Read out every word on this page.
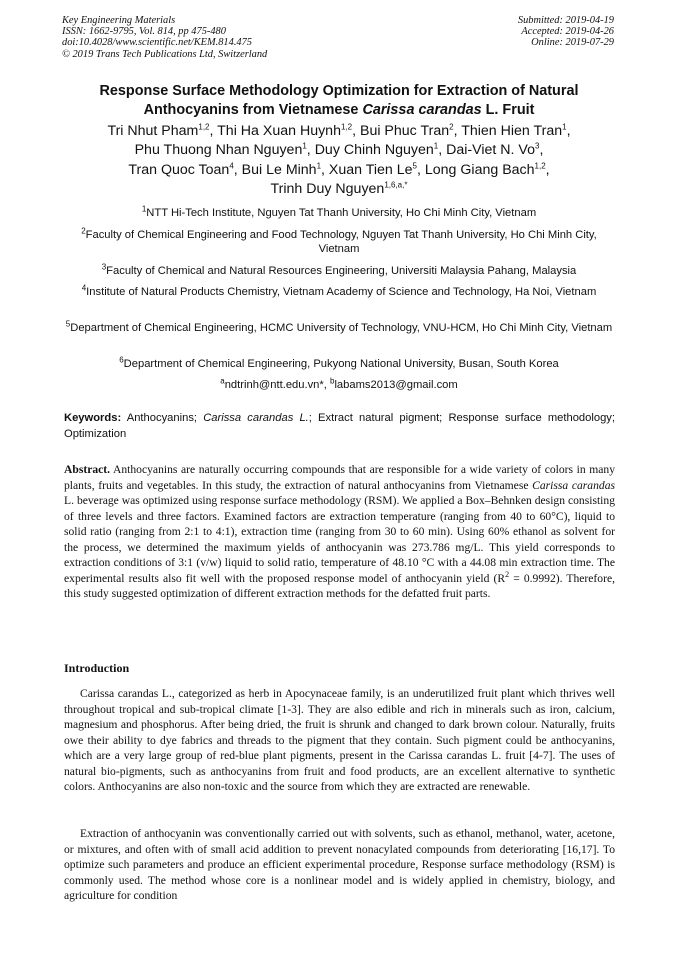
Key Engineering Materials
ISSN: 1662-9795, Vol. 814, pp 475-480
doi:10.4028/www.scientific.net/KEM.814.475
© 2019 Trans Tech Publications Ltd, Switzerland
Submitted: 2019-04-19
Accepted: 2019-04-26
Online: 2019-07-29
Response Surface Methodology Optimization for Extraction of Natural
Anthocyanins from Vietnamese Carissa carandas L. Fruit
Tri Nhut Pham$^{1,2}$, Thi Ha Xuan Huynh$^{1,2}$, Bui Phuc Tran$^2$, Thien Hien Tran$^1$,
Phu Thuong Nhan Nguyen$^1$, Duy Chinh Nguyen$^1$, Dai-Viet N. Vo$^3$,
Tran Quoc Toan$^4$, Bui Le Minh$^1$, Xuan Tien Le$^5$, Long Giang Bach$^{1,2}$,
Trinh Duy Nguyen$^{1,6,a,*}$
$^1$NTT Hi-Tech Institute, Nguyen Tat Thanh University, Ho Chi Minh City, Vietnam
$^2$Faculty of Chemical Engineering and Food Technology, Nguyen Tat Thanh University, Ho Chi Minh City, Vietnam
$^3$Faculty of Chemical and Natural Resources Engineering, Universiti Malaysia Pahang, Malaysia
$^4$Institute of Natural Products Chemistry, Vietnam Academy of Science and Technology, Ha Noi, Vietnam
$^5$Department of Chemical Engineering, HCMC University of Technology, VNU-HCM, Ho Chi Minh City, Vietnam
$^6$Department of Chemical Engineering, Pukyong National University, Busan, South Korea
$^a$ndtrinh@ntt.edu.vn*, $^b$labams2013@gmail.com
Keywords: Anthocyanins; Carissa carandas L.; Extract natural pigment; Response surface methodology; Optimization
Abstract. Anthocyanins are naturally occurring compounds that are responsible for a wide variety of colors in many plants, fruits and vegetables. In this study, the extraction of natural anthocyanins from Vietnamese Carissa carandas L. beverage was optimized using response surface methodology (RSM). We applied a Box–Behnken design consisting of three levels and three factors. Examined factors are extraction temperature (ranging from 40 to 60°C), liquid to solid ratio (ranging from 2:1 to 4:1), extraction time (ranging from 30 to 60 min). Using 60% ethanol as solvent for the process, we determined the maximum yields of anthocyanin was 273.786 mg/L. This yield corresponds to extraction conditions of 3:1 (v/w) liquid to solid ratio, temperature of 48.10 °C with a 44.08 min extraction time. The experimental results also fit well with the proposed response model of anthocyanin yield $(R^2 = 0.9992)$. Therefore, this study suggested optimization of different extraction methods for the defatted fruit parts.
Introduction
Carissa carandas L., categorized as herb in Apocynaceae family, is an underutilized fruit plant which thrives well throughout tropical and sub-tropical climate [1-3]. They are also edible and rich in minerals such as iron, calcium, magnesium and phosphorus. After being dried, the fruit is shrunk and changed to dark brown colour. Naturally, fruits owe their ability to dye fabrics and threads to the pigment that they contain. Such pigment could be anthocyanins, which are a very large group of red-blue plant pigments, present in the Carissa carandas L. fruit [4-7]. The uses of natural bio-pigments, such as anthocyanins from fruit and food products, are an excellent alternative to synthetic colors. Anthocyanins are also non-toxic and the source from which they are extracted are renewable.
Extraction of anthocyanin was conventionally carried out with solvents, such as ethanol, methanol, water, acetone, or mixtures, and often with of small acid addition to prevent nonacylated compounds from deteriorating [16,17]. To optimize such parameters and produce an efficient experimental procedure, Response surface methodology (RSM) is commonly used. The method whose core is a nonlinear model and is widely applied in chemistry, biology, and agriculture for condition
